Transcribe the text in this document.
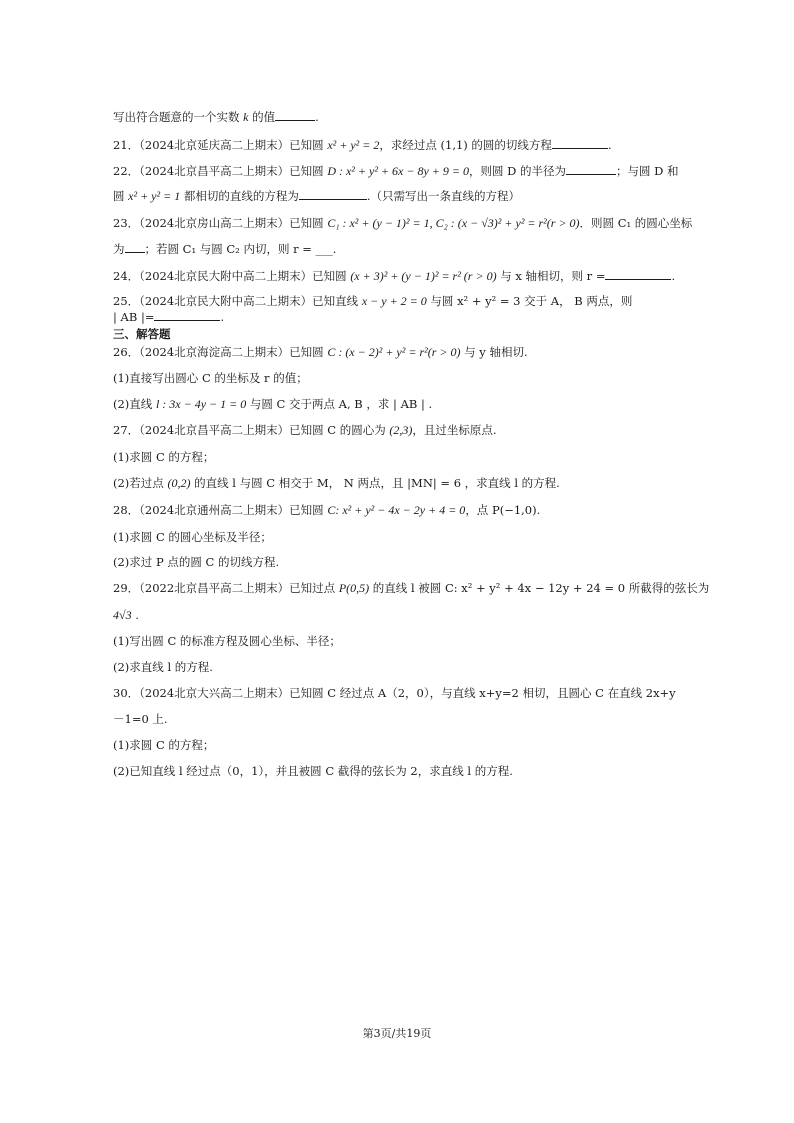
写出符合题意的一个实数 k 的值	.
21．（2024北京延庆高二上期末）已知圆 x² + y² = 2，求经过点 (1,1) 的圆的切线方程	.
22．（2024北京昌平高二上期末）已知圆 D : x² + y² + 6x − 8y + 9 = 0，则圆 D 的半径为	；与圆 D 和
圆 x² + y² = 1 都相切的直线的方程为	.（只需写出一条直线的方程）
23．（2024北京房山高二上期末）已知圆 C₁ : x² + (y − 1)² = 1, C₂ : (x − √3)² + y² = r²(r > 0)．则圆 C₁ 的圆心坐标
为 ；若圆 C₁ 与圆 C₂ 内切，则 r = ___.
24．（2024北京民大附中高二上期末）已知圆 (x + 3)² + (y − 1)² = r² (r > 0) 与 x 轴相切，则 r =	.
25．（2024北京民大附中高二上期末）已知直线 x − y + 2 = 0 与圆 x² + y² = 3 交于 A， B 两点，则
| AB |=	.
三、解答题
26．（2024北京海淀高二上期末）已知圆 C : (x − 2)² + y² = r²(r > 0) 与 y 轴相切.
(1)直接写出圆心 C 的坐标及 r 的值；
(2)直线 l : 3x − 4y − 1 = 0 与圆 C 交于两点 A, B ，求 | AB | .
27．（2024北京昌平高二上期末）已知圆 C 的圆心为 (2,3)，且过坐标原点.
(1)求圆 C 的方程；
(2)若过点 (0,2) 的直线 l 与圆 C 相交于 M， N 两点，且 |MN| = 6 ，求直线 l 的方程.
28．（2024北京通州高二上期末）已知圆 C: x² + y² − 4x − 2y + 4 = 0，点 P(−1,0).
(1)求圆 C 的圆心坐标及半径；
(2)求过 P 点的圆 C 的切线方程.
29．（2022北京昌平高二上期末）已知过点 P(0,5) 的直线 l 被圆 C: x² + y² + 4x − 12y + 24 = 0 所截得的弦长为
4√3 .
(1)写出圆 C 的标准方程及圆心坐标、半径；
(2)求直线 l 的方程.
30．（2024北京大兴高二上期末）已知圆 C 经过点 A（2，0），与直线 x+y=2 相切，且圆心 C 在直线 2x+y
－1=0 上.
(1)求圆 C 的方程；
(2)已知直线 l 经过点（0，1），并且被圆 C 截得的弦长为 2，求直线 l 的方程.
第3页/共19页
